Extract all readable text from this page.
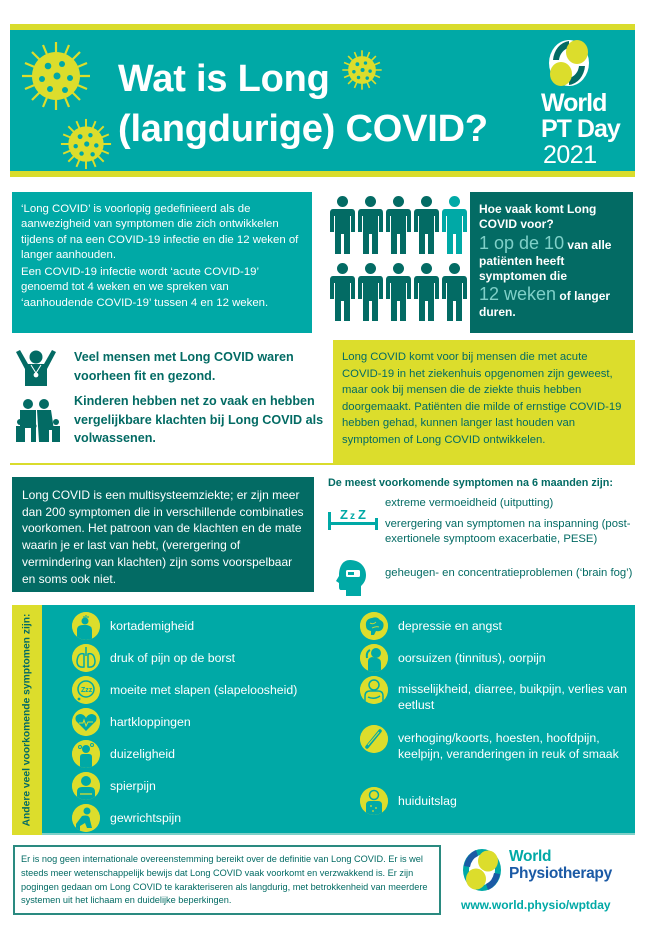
Wat is Long
(langdurige) COVID?
World
PT Day
2021

‘Long COVID’ is voorlopig gedefinieerd als de aanwezigheid van symptomen die zich ontwikkelen tijdens of na een COVID-19 infectie en die 12 weken of langer aanhouden.

Een COVID-19 infectie wordt ‘acute COVID-19’ genoemd tot 4 weken en we spreken van ‘aanhoudende COVID-19’ tussen 4 en 12 weken.

Hoe vaak komt Long COVID voor?
1 op de 10 van alle patiënten heeft symptomen die
12 weken of langer duren.
Veel mensen met Long COVID waren voorheen fit en gezond.
Kinderen hebben net zo vaak en hebben vergelijkbare klachten bij Long COVID als volwassenen.

Long COVID komt voor bij mensen die met acute COVID-19 in het ziekenhuis opgenomen zijn geweest, maar ook bij mensen die de ziekte thuis hebben doorgemaakt. Patiënten die milde of ernstige COVID-19 hebben gehad, kunnen langer last houden van symptomen of Long COVID ontwikkelen.

Long COVID is een multisysteemziekte; er zijn meer dan 200 symptomen die in verschillende combinaties voorkomen. Het patroon van de klachten en de mate waarin je er last van hebt, (verergering of vermindering van klachten) zijn soms voorspelbaar en soms ook niet.

De meest voorkomende symptomen na 6 maanden zijn:
Z z Z
extreme vermoeidheid (uitputting)
verergering van symptomen na inspanning (post-exertionele symptoom exacerbatie, PESE)
geheugen- en concentratieproblemen (‘brain fog’)
Andere veel voorkomende symptomen zijn:	kortademigheid
druk of pijn op de borst
Zzz moeite met slapen (slapeloosheid)
hartkloppingen
duizeligheid
spierpijn
gewrichtspijn
depressie en angst
oorsuizen (tinnitus), oorpijn
misselijkheid, diarree, buikpijn, verlies van eetlust
verhoging/koorts, hoesten, hoofdpijn, keelpijn, veranderingen in reuk of smaak
huiduitslag

Er is nog geen internationale overeenstemming bereikt over de definitie van Long COVID. Er is wel steeds meer wetenschappelijk bewijs dat Long COVID vaak voorkomt en verzwakkend is. Er zijn pogingen gedaan om Long COVID te karakteriseren als langdurig, met betrokkenheid van meerdere systemen uit het lichaam en duidelijke beperkingen.

World
Physiotherapy
www.world.physio/wptday
